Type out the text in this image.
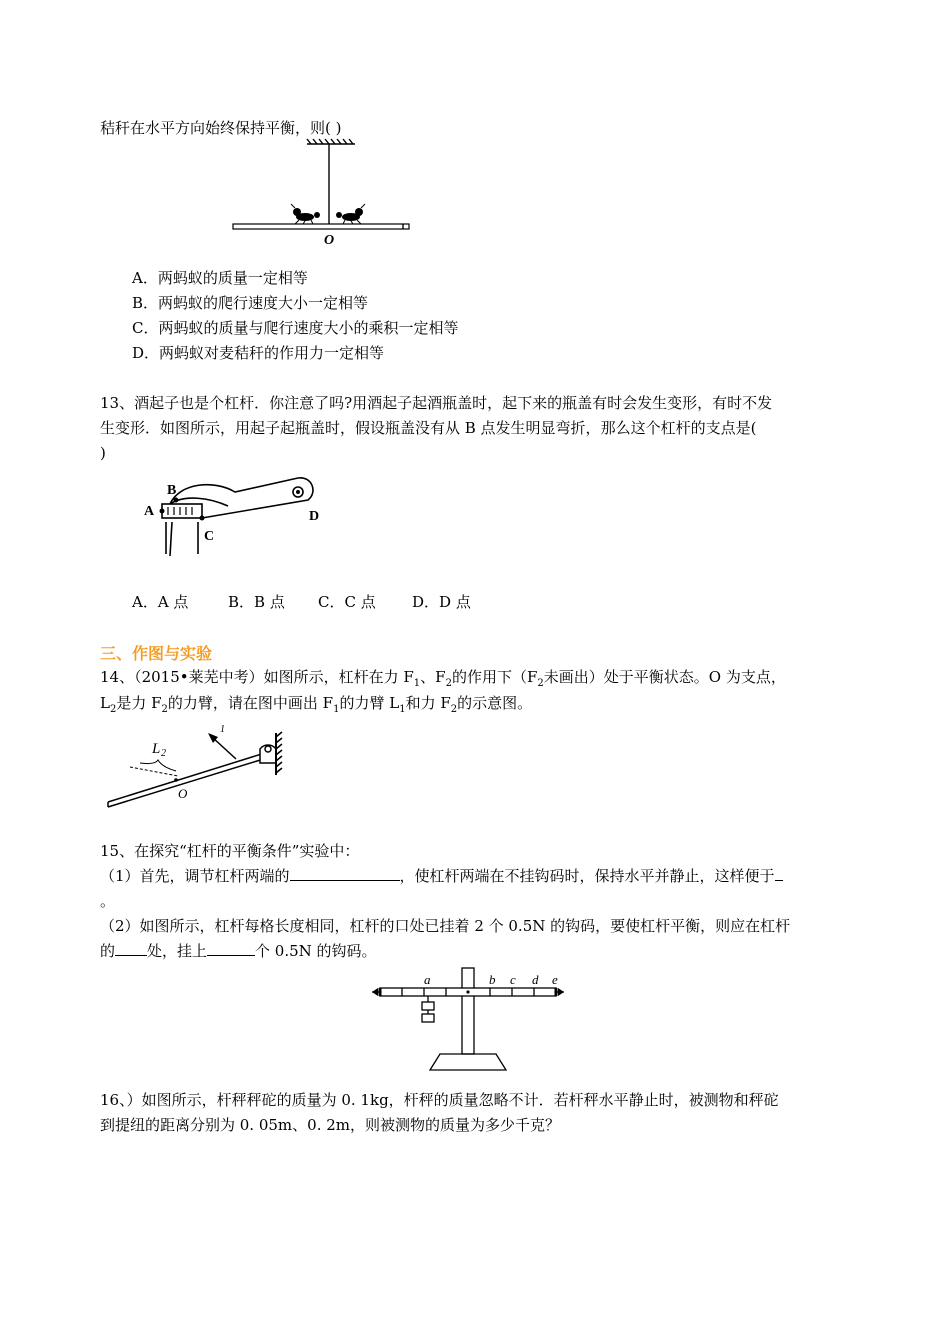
秸秆在水平方向始终保持平衡，则( )
O
A．两蚂蚁的质量一定相等
B．两蚂蚁的爬行速度大小一定相等
C．两蚂蚁的质量与爬行速度大小的乘积一定相等
D．两蚂蚁对麦秸秆的作用力一定相等
13、酒起子也是个杠杆．你注意了吗?用酒起子起酒瓶盖时，起下来的瓶盖有时会发生变形，有时不发
生变形．如图所示，用起子起瓶盖时，假设瓶盖没有从 B 点发生明显弯折，那么这个杠杆的支点是(
)
A
B
C
D
A．A 点	B．B 点 C．C 点 D．D 点
三、作图与实验
14、（2015•莱芜中考）如图所示，杠杆在力 $F_1$、$F_2$的作用下（$F_2$未画出）处于平衡状态。O 为支点，
$L_2$是力 $F_2$的力臂，请在图中画出 $F_1$的力臂 $L_1$和力 $F_2$的示意图。
1
L 2
O
15、在探究“杠杆的平衡条件”实验中：
（1）首先，调节杠杆两端的	，使杠杆两端在不挂钩码时，保持水平并静止，这样便于
。
（2）如图所示，杠杆每格长度相同，杠杆的口处已挂着 2 个 0.5N 的钩码，要使杠杆平衡，则应在杠杆
的 处，挂上	个 0.5N 的钩码。
a	b c d e
16、）如图所示，杆秤秤砣的质量为 0. 1kg，杆秤的质量忽略不计．若杆秤水平静止时，被测物和秤砣
到提纽的距离分别为 0. 05m、0. 2m，则被测物的质量为多少千克？
